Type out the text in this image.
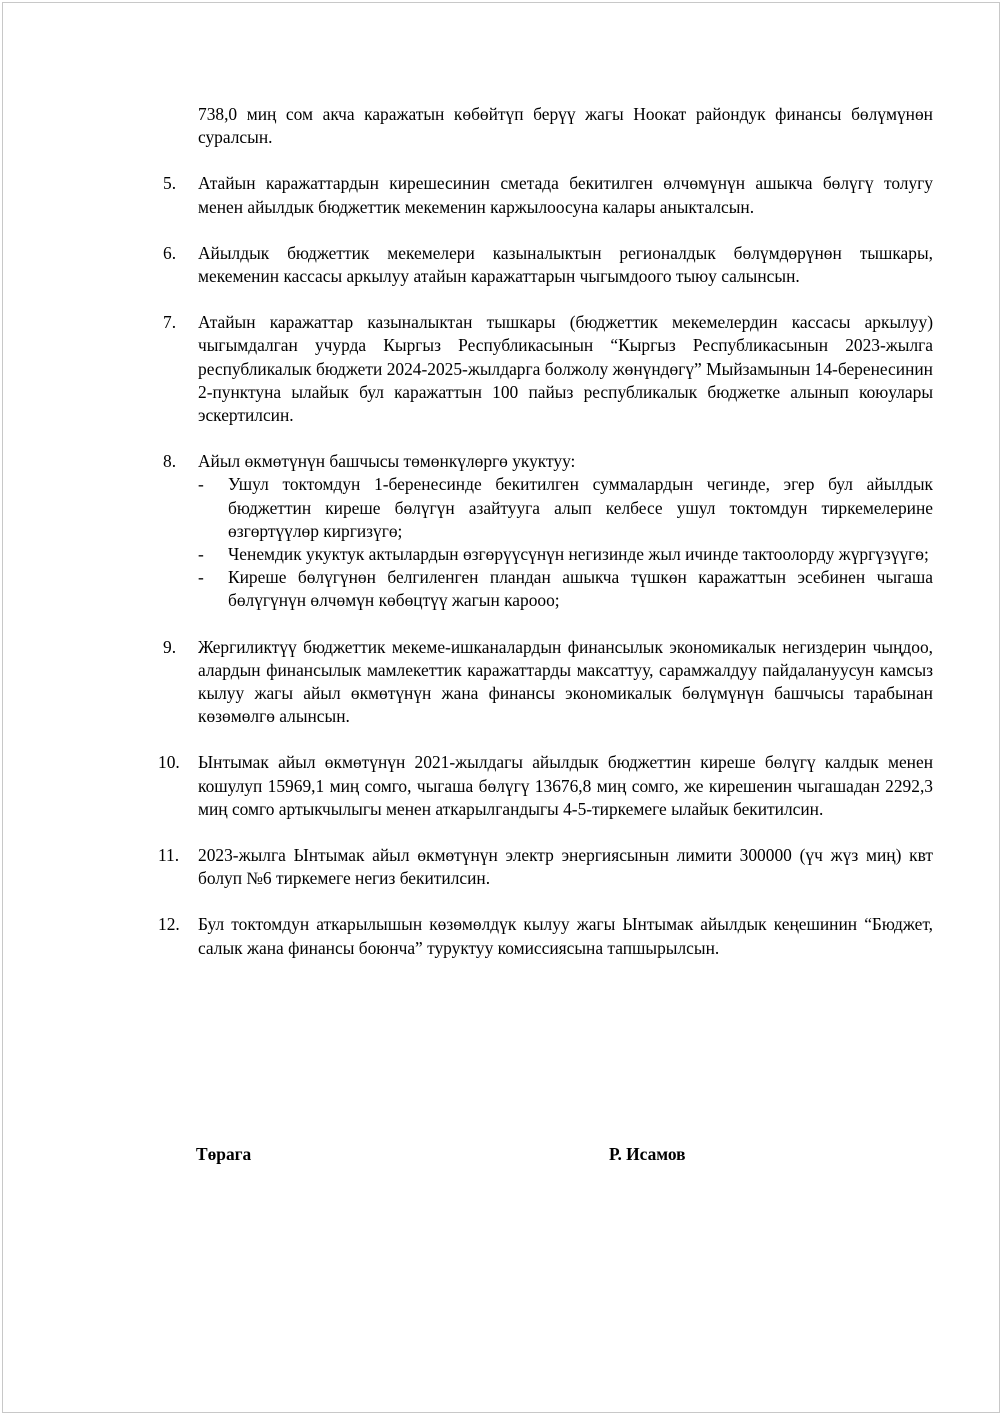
738,0 миң сом акча каражатын көбөйтүп берүү жагы Ноокат райондук финансы бөлүмүнөн суралсын.
5.	Атайын каражаттардын кирешесинин сметада бекитилген өлчөмүнүн ашыкча бөлүгү толугу менен айылдык бюджеттик мекеменин каржылоосуна калары аныкталсын.
6.	Айылдык бюджеттик мекемелери казыналыктын регионалдык бөлүмдөрүнөн тышкары, мекеменин кассасы аркылуу атайын каражаттарын чыгымдоого тыюу салынсын.
7.	Атайын каражаттар казыналыктан тышкары (бюджеттик мекемелердин кассасы аркылуу) чыгымдалган учурда Кыргыз Республикасынын “Кыргыз Республикасынын 2023-жылга республикалык бюджети 2024-2025-жылдарга болжолу жөнүндөгү” Мыйзамынын 14-беренесинин 2-пунктуна ылайык бул каражаттын 100 пайыз республикалык бюджетке алынып коюулары эскертилсин.
8.	Айыл өкмөтүнүн башчысы төмөнкүлөргө укуктуу:
- Ушул токтомдун 1-беренесинде бекитилген суммалардын чегинде, эгер бул айылдык бюджеттин киреше бөлүгүн азайтууга алып келбесе ушул токтомдун тиркемелерине өзгөртүүлөр киргизүгө;
- Ченемдик укуктук актылардын өзгөрүүсүнүн негизинде жыл ичинде тактоолорду жүргүзүүгө;
- Киреше бөлүгүнөн белгиленген пландан ашыкча түшкөн каражаттын эсебинен чыгаша бөлүгүнүн өлчөмүн көбөцтүү жагын карооо;
9.	Жергиликтүү бюджеттик мекеме-ишканалардын финансылык экономикалык негиздерин чыңдоо, алардын финансылык мамлекеттик каражаттарды максаттуу, сарамжалдуу пайдалануусун камсыз кылуу жагы айыл өкмөтүнүн жана финансы экономикалык бөлүмүнүн башчысы тарабынан көзөмөлгө алынсын.
10.	Ынтымак айыл өкмөтүнүн 2021-жылдагы айылдык бюджеттин киреше бөлүгү калдык менен кошулуп 15969,1 миң сомго, чыгаша бөлүгү 13676,8 миң сомго, же кирешенин чыгашадан 2292,3 миң сомго артыкчылыгы менен аткарылгандыгы 4-5-тиркемеге ылайык бекитилсин.
11.	2023-жылга Ынтымак айыл өкмөтүнүн электр энергиясынын лимити 300000 (үч жүз миң) квт болуп №6 тиркемеге негиз бекитилсин.
12.	Бул токтомдун аткарылышын көзөмөлдүк кылуу жагы Ынтымак айылдык кеңешинин “Бюджет, салык жана финансы боюнча” туруктуу комиссиясына тапшырылсын.
Төрага	Р. Исамов
